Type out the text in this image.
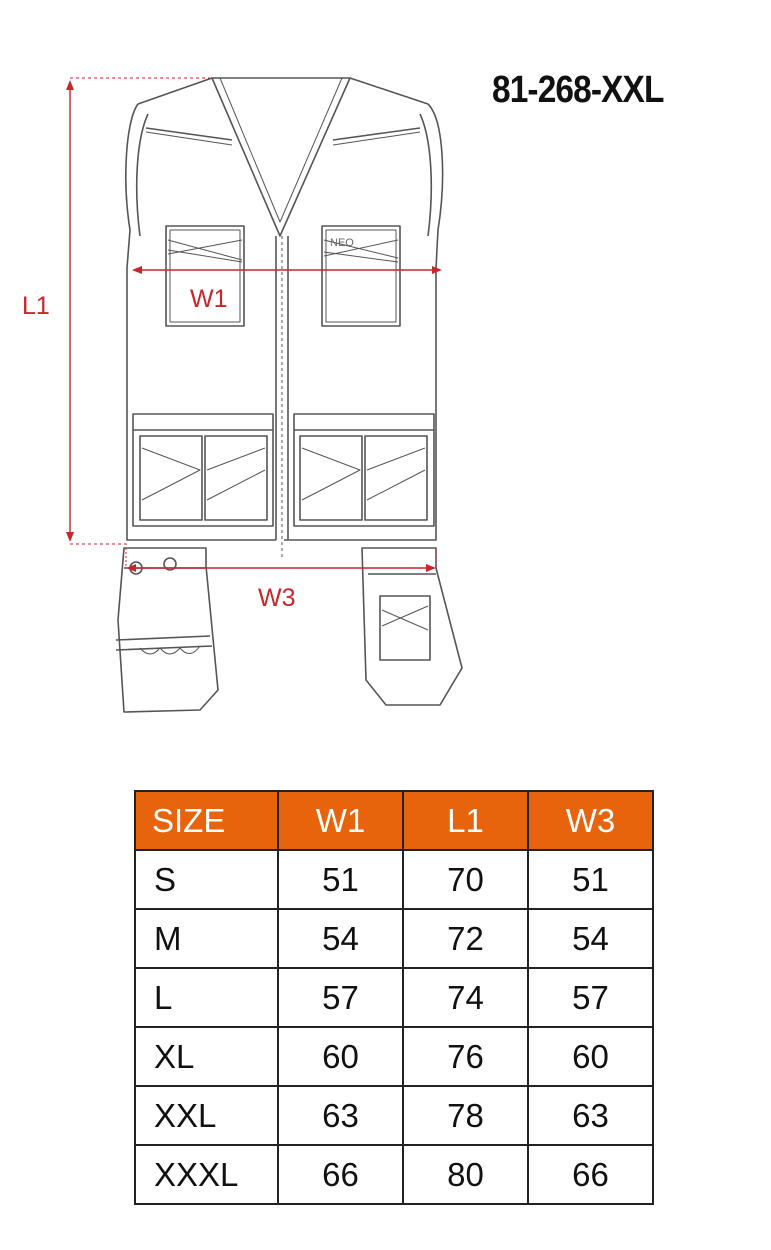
81-268-XXL
NEO
L1	W1
W3
SIZE	W1	L1	W3
S	51	70	51
M	54	72	54
L	57	74	57
XL	60	76	60
XXL	63	78	63
XXXL	66	80	66
